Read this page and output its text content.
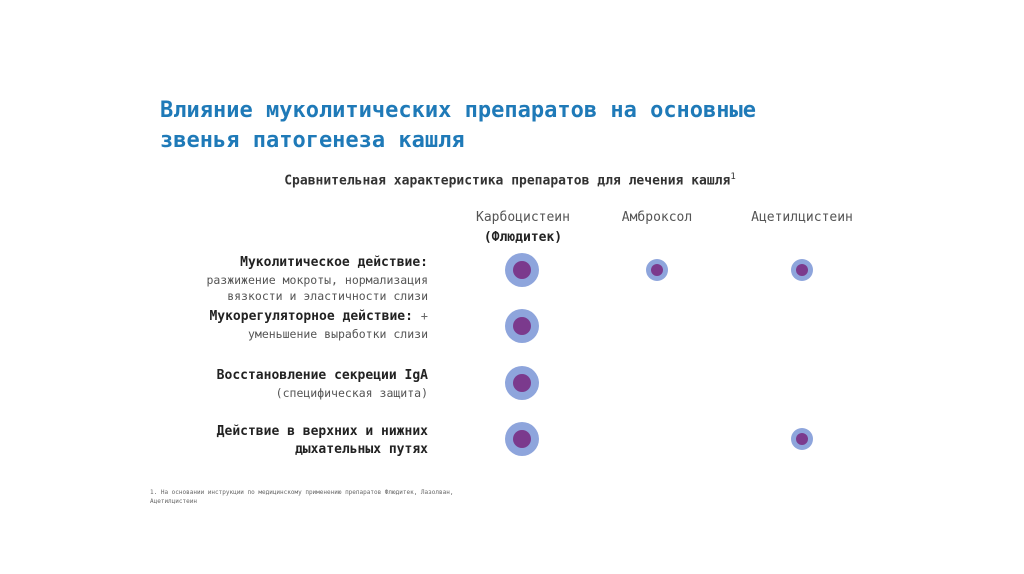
Влияние муколитических препаратов на основные
звенья патогенеза кашля
Сравнительная характеристика препаратов для лечения кашля$^1$
Карбоцистеин
(Флюдитек)
Амброксол	Ацетилцистеин
Муколитическое действие:
разжижение мокроты, нормализация
вязкости и эластичности слизи
Мукорегуляторное действие: +
уменьшение выработки слизи
Восстановление секреции IgA
(специфическая защита)
Действие в верхних и нижних
дыхательных путях
1. На основании инструкции по медицинскому применению препаратов Флюдитек, Лазолван,
Ацетилцистеин
